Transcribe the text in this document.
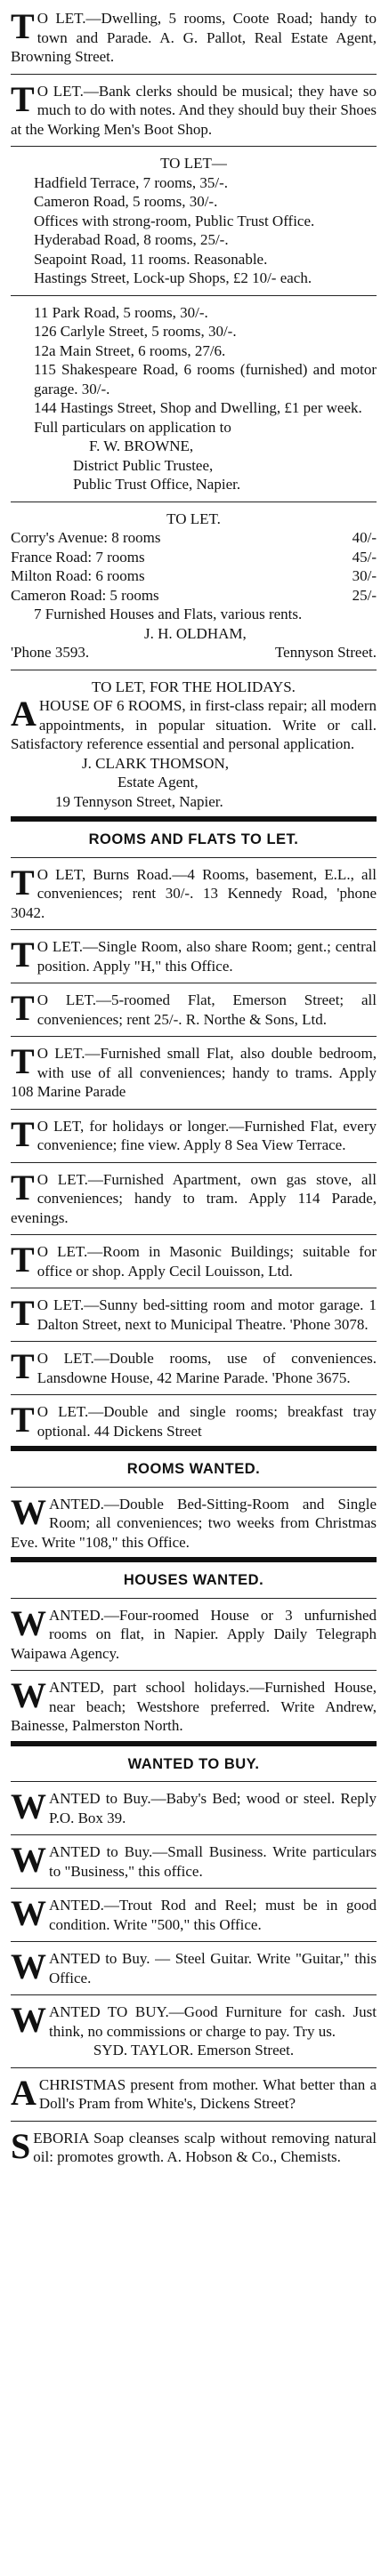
T O LET.—Dwelling, 5 rooms, Coote Road; handy to town and Parade. A. G. Pallot, Real Estate Agent, Browning Street.

T O LET.—Bank clerks should be musical; they have so much to do with notes. And they should buy their Shoes at the Working Men's Boot Shop.

TO LET—

Hadfield Terrace, 7 rooms, 35/-.

Cameron Road, 5 rooms, 30/-.

Offices with strong-room, Public Trust Office.

Hyderabad Road, 8 rooms, 25/-.

Seapoint Road, 11 rooms. Reasonable.

Hastings Street, Lock-up Shops, £2 10/- each.

11 Park Road, 5 rooms, 30/-.

126 Carlyle Street, 5 rooms, 30/-.

12a Main Street, 6 rooms, 27/6.

115 Shakespeare Road, 6 rooms (furnished) and motor garage. 30/-.

144 Hastings Street, Shop and Dwelling, £1 per week.

Full particulars on application to

F. W. BROWNE,

District Public Trustee,

Public Trust Office, Napier.

TO LET.

Corry's Avenue: 8 rooms	40/-
France Road: 7 rooms	45/-
Milton Road: 6 rooms	30/-
Cameron Road: 5 rooms	25/-

7 Furnished Houses and Flats, various rents.

J. H. OLDHAM,

'Phone 3593.	Tennyson Street.

TO LET, FOR THE HOLIDAYS.

AHOUSE OF 6 ROOMS, in first-class repair; all modern appointments, in popular situation. Write or call. Satisfactory reference essential and personal application.

J. CLARK THOMSON,

Estate Agent,

19 Tennyson Street, Napier.

ROOMS AND FLATS TO LET.

T O LET, Burns Road.—4 Rooms, basement, E.L., all conveniences; rent 30/-. 13 Kennedy Road, 'phone 3042.

T O LET.—Single Room, also share Room; gent.; central position. Apply "H," this Office.

T O LET.—5-roomed Flat, Emerson Street; all conveniences; rent 25/-. R. Northe & Sons, Ltd.

T O LET.—Furnished small Flat, also double bedroom, with use of all conveniences; handy to trams. Apply 108 Marine Parade

T O LET, for holidays or longer.—Furnished Flat, every convenience; fine view. Apply 8 Sea View Terrace.

T O LET.—Furnished Apartment, own gas stove, all conveniences; handy to tram. Apply 114 Parade, evenings.

T O LET.—Room in Masonic Buildings; suitable for office or shop. Apply Cecil Louisson, Ltd.

T O LET.—Sunny bed-sitting room and motor garage. 1 Dalton Street, next to Municipal Theatre. 'Phone 3078.

T O LET.—Double rooms, use of conveniences. Lansdowne House, 42 Marine Parade. 'Phone 3675.

T O LET.—Double and single rooms; breakfast tray optional. 44 Dickens Street

ROOMS WANTED.

WANTED.—Double Bed-Sitting-Room and Single Room; all conveniences; two weeks from Christmas Eve. Write "108," this Office.

HOUSES WANTED.

WANTED.—Four-roomed House or 3 unfurnished rooms on flat, in Napier. Apply Daily Telegraph Waipawa Agency.

WANTED, part school holidays.—Furnished House, near beach; Westshore preferred. Write Andrew, Bainesse, Palmerston North.

WANTED TO BUY.

WANTED to Buy.—Baby's Bed; wood or steel. Reply P.O. Box 39.

WANTED to Buy.—Small Business. Write particulars to "Business," this office.

WANTED.—Trout Rod and Reel; must be in good condition. Write "500," this Office.

WANTED to Buy. — Steel Guitar. Write "Guitar," this Office.

WANTED TO BUY.—Good Furniture for cash. Just think, no commissions or charge to pay. Try us.

SYD. TAYLOR. Emerson Street.

ACHRISTMAS present from mother. What better than a Doll's Pram from White's, Dickens Street?

SEBORIA Soap cleanses scalp without removing natural oil: promotes growth. A. Hobson & Co., Chemists.
